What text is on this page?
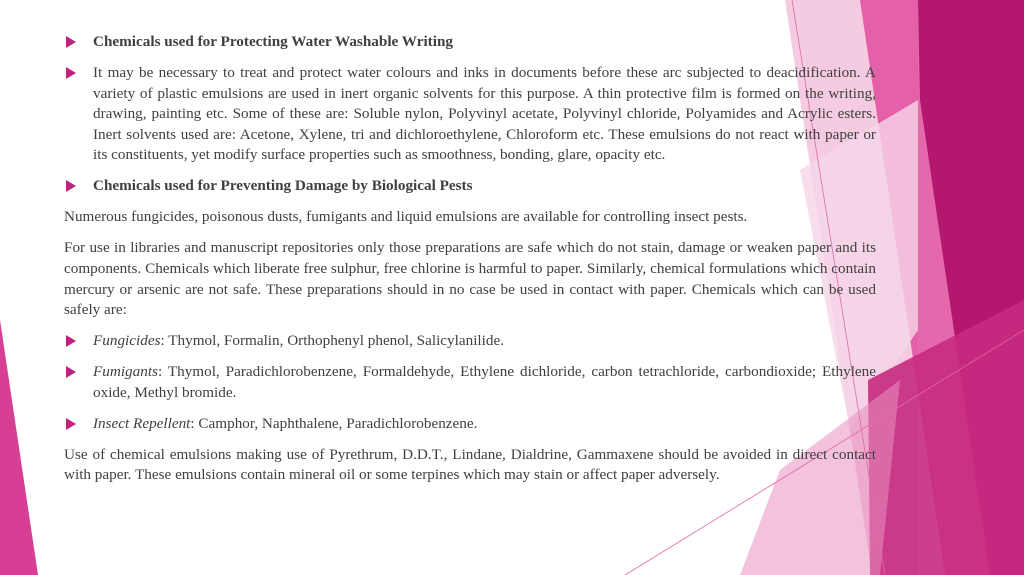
Chemicals used for Protecting Water Washable Writing
It may be necessary to treat and protect water colours and inks in documents before these arc subjected to deacidification. A variety of plastic emulsions are used in inert organic solvents for this purpose. A thin protective film is formed on the writing, drawing, painting etc. Some of these are: Soluble nylon, Polyvinyl acetate, Polyvinyl chloride, Polyamides and Acrylic esters. Inert solvents used are: Acetone, Xylene, tri and dichloroethylene, Chloroform etc. These emulsions do not react with paper or its constituents, yet modify surface properties such as smoothness, bonding, glare, opacity etc.
Chemicals used for Preventing Damage by Biological Pests
Numerous fungicides, poisonous dusts, fumigants and liquid emulsions are available for controlling insect pests.
For use in libraries and manuscript repositories only those preparations are safe which do not stain, damage or weaken paper and its components. Chemicals which liberate free sulphur, free chlorine is harmful to paper. Similarly, chemical formulations which contain mercury or arsenic are not safe. These preparations should in no case be used in contact with paper. Chemicals which can be used safely are:
Fungicides: Thymol, Formalin, Orthophenyl phenol, Salicylanilide.
Fumigants: Thymol, Paradichlorobenzene, Formaldehyde, Ethylene dichloride, carbon tetrachloride, carbondioxide; Ethylene oxide, Methyl bromide.
Insect Repellent: Camphor, Naphthalene, Paradichlorobenzene.
Use of chemical emulsions making use of Pyrethrum, D.D.T., Lindane, Dialdrine, Gammaxene should be avoided in direct contact with paper. These emulsions contain mineral oil or some terpines which may stain or affect paper adversely.
